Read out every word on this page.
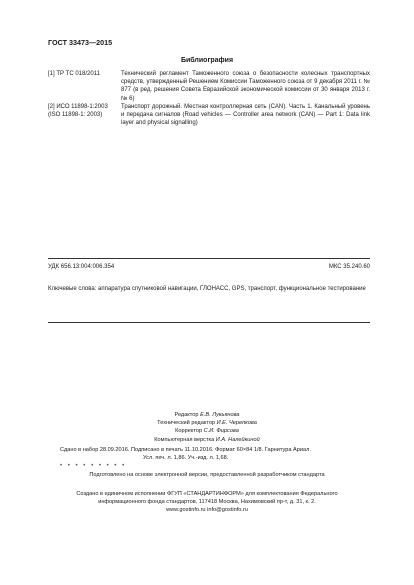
ГОСТ 33473—2015
Библиография
[1] ТР ТС 018/2011	Технический регламент Таможенного союза о безопасности колесных транспортных средств, утвержденный Решением Комиссии Таможенного союза от 9 декабря 2011 г. № 877 (в ред. решения Совета Евразийской экономической комиссии от 30 января 2013 г. № 6)
[2] ИСО 11898-1:2003 (ISO 11898-1: 2003)
Транспорт дорожный. Местная контроллерная сеть (CAN). Часть 1. Канальный уровень и передача сигналов (Road vehicles — Controller area network (CAN) — Part 1: Data link layer and physical signalling)
УДК 656.13:004:006.354	МКС 35.240.60
Ключевые слова: аппаратура спутниковой навигации, ГЛОНАСС, GPS, транспорт, функциональное тестирование
Редактор Е.В. Лукьянова
Технический редактор И.Е. Черепкова
Корректор С.И. Фирсова
Компьютерная верстка И.А. Налейкиной
Сдано в набор 28.09.2016. Подписано в печать 11.10.2016. Формат 60×84 1/8. Гарнитура Ариал.
Усл. печ. л. 1,86. Уч.-изд. л. 1,68.
• • • • • • • • •
Подготовлено на основе электронной версии, предоставленной разработчиком стандарта
Создано в единичном исполнении ФГУП «СТАНДАРТИНФОРМ» для комплектования Федерального
информационного фонда стандартов, 117418 Москва, Нахимовский пр-т, д. 31, к. 2.
www.gostinfo.ru info@gostinfo.ru
